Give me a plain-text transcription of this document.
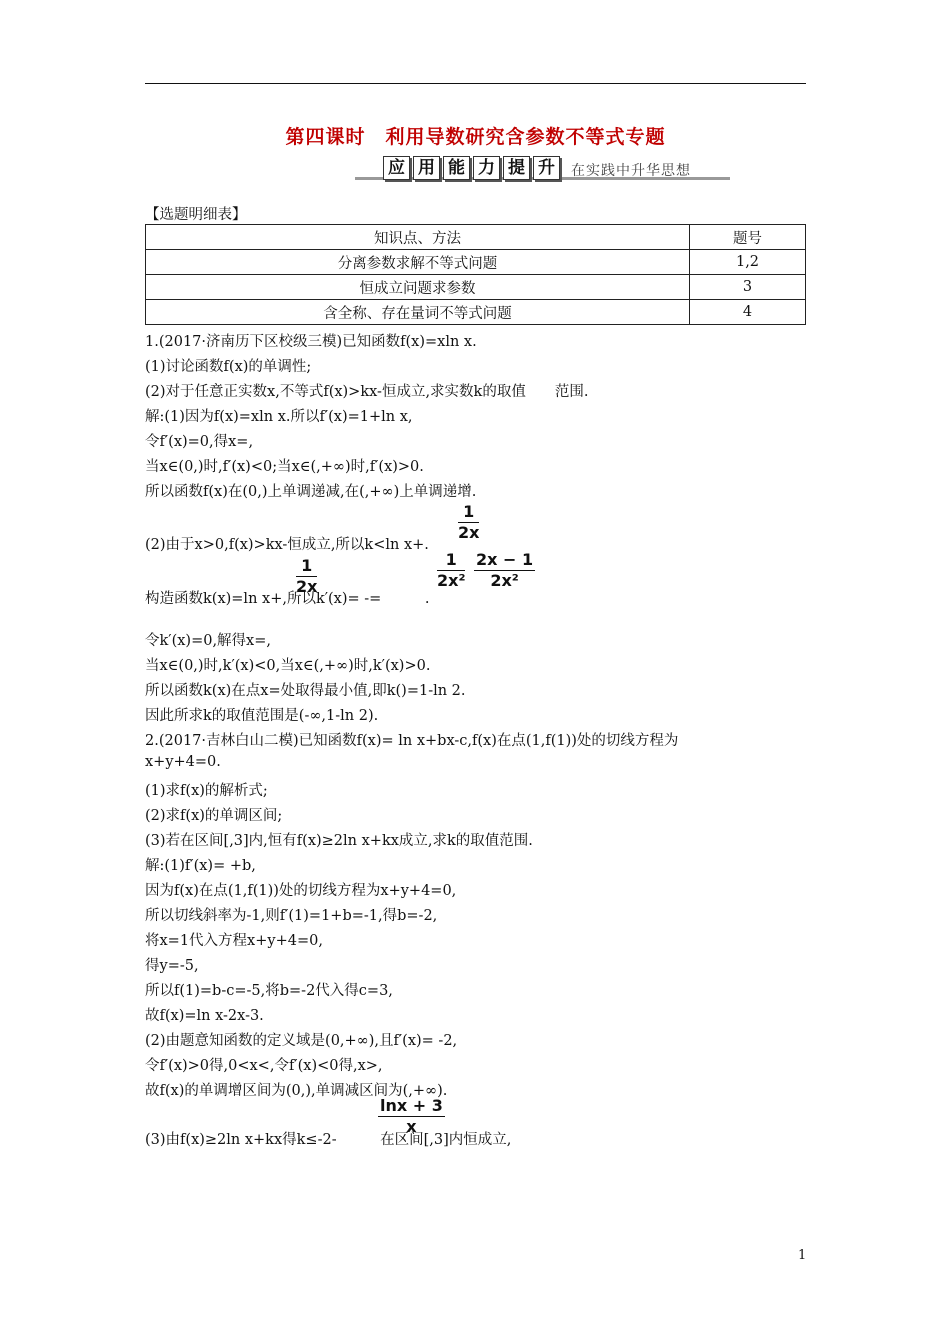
第四课时　利用导数研究含参数不等式专题
应 用 能 力 提 升	在实践中升华思想
【选题明细表】
知识点、方法	题号
分离参数求解不等式问题	1,2
恒成立问题求参数	3
含全称、存在量词不等式问题	4
1.(2017·济南历下区校级三模)已知函数f(x)=xln x.
(1)讨论函数f(x)的单调性;
(2)对于任意正实数x,不等式f(x)>kx-恒成立,求实数k的取值　　范围.
解:(1)因为f(x)=xln x.所以f′(x)=1+ln x,
令f′(x)=0,得x=,
当x∈(0,)时,f′(x)<0;当x∈(,+∞)时,f′(x)>0.
所以函数f(x)在(0,)上单调递减,在(,+∞)上单调递增.
(2)由于x>0,f(x)>kx-恒成立,所以k<ln x+.
构造函数k(x)=ln x+,所以k′(x)= -=　　　.
令k′(x)=0,解得x=,
当x∈(0,)时,k′(x)<0,当x∈(,+∞)时,k′(x)>0.
所以函数k(x)在点x=处取得最小值,即k()=1-ln 2.
因此所求k的取值范围是(-∞,1-ln 2).
2.(2017·吉林白山二模)已知函数f(x)= ln x+bx-c,f(x)在点(1,f(1))处的切线方程为
x+y+4=0.
(1)求f(x)的解析式;
(2)求f(x)的单调区间;
(3)若在区间[,3]内,恒有f(x)≥2ln x+kx成立,求k的取值范围.
解:(1)f′(x)= +b,
因为f(x)在点(1,f(1))处的切线方程为x+y+4=0,
所以切线斜率为-1,则f′(1)=1+b=-1,得b=-2,
将x=1代入方程x+y+4=0,
得y=-5,
所以f(1)=b-c=-5,将b=-2代入得c=3,
故f(x)=ln x-2x-3.
(2)由题意知函数的定义域是(0,+∞),且f′(x)= -2,
令f′(x)>0得,0<x<,令f′(x)<0得,x>,
故f(x)的单调增区间为(0,),单调减区间为(,+∞).
(3)由f(x)≥2ln x+kx得k≤-2-　　　在区间[,3]内恒成立,
$\frac{1}{2x}$
$\frac{1}{2x}$	$\frac{1}{\text{2x²}} \frac{2x - 1}{\text{2x²}}$
$\frac{\ln x + 3}{x}$
1
